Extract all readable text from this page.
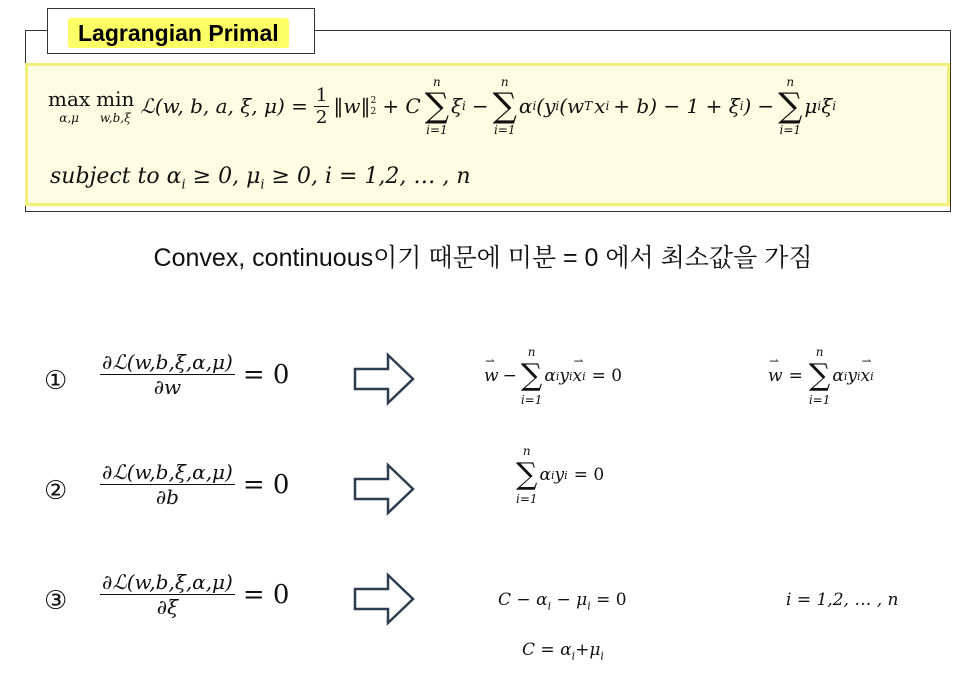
Lagrangian Primal
max
α,μ
min
w,b,ξ ℒ(w, b, a, ξ, $\mu) = \frac{1}{2}$ ‖w‖ 2
2 + C
n
∑
i=1
ξ i −
n
∑
i=1
α i (y i (w T x i + b) − 1 + ξ i ) −
n
∑
i=1
μ i ξ i
subject to $\alpha_i \ge 0$, $\mu_i \ge 0$, i = 1,2, … , n
Convex, continuous이기 때문에 미분 = 0 에서 최소값을 가짐
① $\frac{\text{∂ℒ(w,b,ξ,α,μ)}}{\partial w} = 0$	⇀
w −
n
∑
i=1
α i y i
⇀
x i = 0
⇀
w =
n
∑
i=1
α i y i
⇀
x i
② $\frac{\text{∂ℒ(w,b,ξ,α,μ)}}{\partial b} = 0$
n
∑
i=1
α i y i = 0
③ $\frac{\text{∂ℒ(w,b,ξ,α,μ)}}{\partial\xi} = 0$	$C - \alpha_i - \mu_i = 0$
$C = \alpha_i+\mu_i$
i = 1,2, … , n
